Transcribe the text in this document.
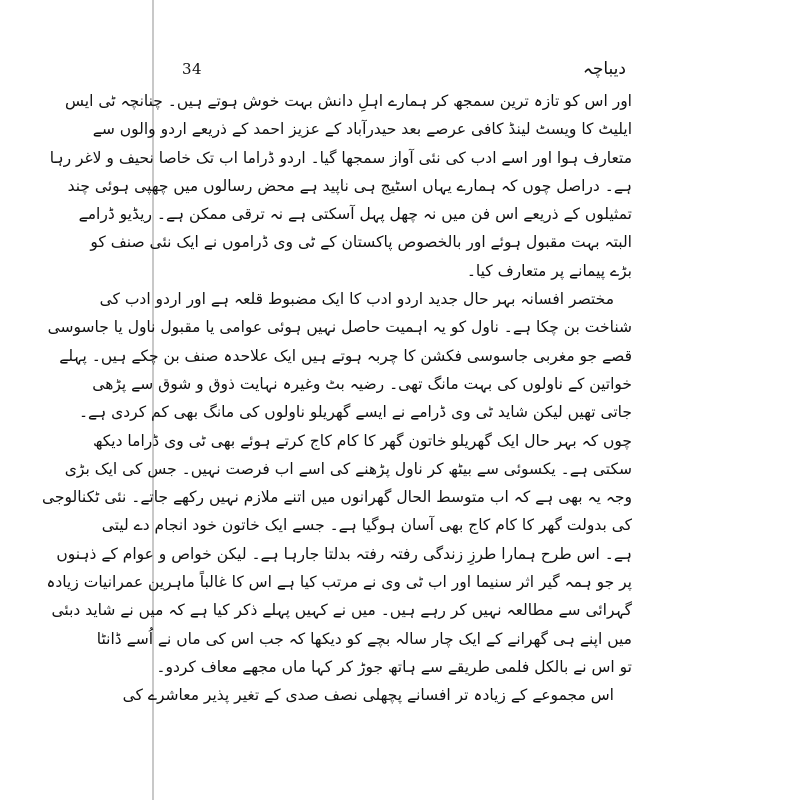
34	دیباچہ
اور اس کو تازہ ترین سمجھ کر ہمارے اہلِ دانش بہت خوش ہوتے ہیں۔ چنانچہ ٹی ایس
ایلیٹ کا ویسٹ لینڈ کافی عرصے بعد حیدرآباد کے عزیز احمد کے ذریعے اردو والوں سے
متعارف ہوا اور اسے ادب کی نئی آواز سمجھا گیا۔ اردو ڈراما اب تک خاصا نحیف و لاغر رہا
ہے۔ دراصل چوں کہ ہمارے یہاں اسٹیج ہی ناپید ہے محض رسالوں میں چھپی ہوئی چند
تمثیلوں کے ذریعے اس فن میں نہ چھل پہل آسکتی ہے نہ ترقی ممکن ہے۔ ریڈیو ڈرامے
البتہ بہت مقبول ہوئے اور بالخصوص پاکستان کے ٹی وی ڈراموں نے ایک نئی صنف کو
بڑے پیمانے پر متعارف کیا۔
مختصر افسانہ بہر حال جدید اردو ادب کا ایک مضبوط قلعہ ہے اور اردو ادب کی
شناخت بن چکا ہے۔ ناول کو یہ اہمیت حاصل نہیں ہوئی عوامی یا مقبول ناول یا جاسوسی
قصے جو مغربی جاسوسی فکشن کا چربہ ہوتے ہیں ایک علاحدہ صنف بن چکے ہیں۔ پہلے
خواتین کے ناولوں کی بہت مانگ تھی۔ رضیہ بٹ وغیرہ نہایت ذوق و شوق سے پڑھی
جاتی تھیں لیکن شاید ٹی وی ڈرامے نے ایسے گھریلو ناولوں کی مانگ بھی کم کردی ہے۔
چوں کہ بہر حال ایک گھریلو خاتون گھر کا کام کاج کرتے ہوئے بھی ٹی وی ڈراما دیکھ
سکتی ہے۔ یکسوئی سے بیٹھ کر ناول پڑھنے کی اسے اب فرصت نہیں۔ جس کی ایک بڑی
وجہ یہ بھی ہے کہ اب متوسط الحال گھرانوں میں اتنے ملازم نہیں رکھے جاتے۔ نئی ٹکنالوجی
کی بدولت گھر کا کام کاج بھی آسان ہوگیا ہے۔ جسے ایک خاتون خود انجام دے لیتی
ہے۔ اس طرح ہمارا طرزِ زندگی رفتہ رفتہ بدلتا جارہا ہے۔ لیکن خواص و عوام کے ذہنوں
پر جو ہمہ گیر اثر سنیما اور اب ٹی وی نے مرتب کیا ہے اس کا غالباً ماہرین عمرانیات زیادہ
گہرائی سے مطالعہ نہیں کر رہے ہیں۔ میں نے کہیں پہلے ذکر کیا ہے کہ میں نے شاید دبئی
میں اپنے ہی گھرانے کے ایک چار سالہ بچے کو دیکھا کہ جب اس کی ماں نے اُسے ڈانٹا
تو اس نے بالکل فلمی طریقے سے ہاتھ جوڑ کر کہا ماں مجھے معاف کردو۔
اس مجموعے کے زیادہ تر افسانے پچھلی نصف صدی کے تغیر پذیر معاشرے کی
